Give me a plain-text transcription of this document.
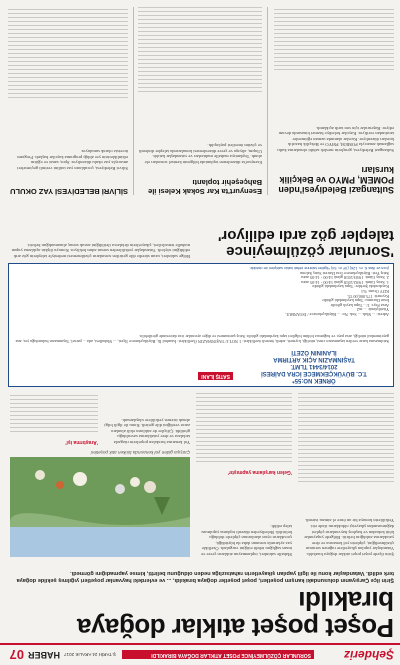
Şehderiz
SORUNLAR ÇÖZÜLMEYİNCE POSET ATIKLAR DOĞAYA BIRAKILDI
Ş.TARİH 24 ARALIK 2017
HABER
07
Poşet poşet atıklar doğaya bırakıldı
Şirin ilçe Çarşıyanın dolusundaki karışım poşetleri, poşet poşetler doğaya bırakıldı, ... ve evlerdeki hayvanlar poşetleri yığılmış şekilde doğaya terk edildi. Vatandaşlar konu ile ilgili yapılan şikayetlerin rahatsızlığa neden olduğunu belirtti, kimse yapmadığını görmedi.
Şirin ilçede poşet poşet atıklar doğaya bırakıldı. Vatandaşlar yapılan şikayetlere rağmen sorunun çözülmediğini, çöplerin yol kenarına ve dere yataklarına atıldığını belirtti. Bölgede yaşayanlar kötü kokudan ve başıboş hayvanların çöpleri dağıtmasından şikayetçi olduklarını ifade etti. Yetkililerin konuya bir an önce el atması istendi.
Mahalle sakinleri, toplanmayan atıkların çevre ve insan sağlığını tehdit ettiğini vurguladı. Özellikle yaz aylarında sorunun daha da büyüdüğü, çocukların oyun alanlarının çöplerle dolduğu belirtildi. Belediyeden düzenli toplama yapılması talep edildi.
'Gelen karşılama yapmıştır'
Çarşıya giden yol kenarında biriken atık poşetleri
Yol kenarına bırakılan poşetlerin rüzgarla tarlalara ve dere yataklarına savrulduğu görüldü. Çiftçiler de atıkların ekili alanlara zarar verdiğini dile getirdi. Konu ile ilgili bilgi almak istenen yetkililere ulaşılamadı.
'Araştırma işi'
ÖRNEK NO:55*
T.C. BÜYÜKÇEKMECE İCRA DAİRESİ
2014/3441 TLMT.
TAŞINMAZIN AÇIK ARTIRMA
İLANININ ÖZETİ
SATIŞ İLANI
Satılmasına karar verilen taşınmazın cinsi, niteliği, kıymeti, adedi, önemli özellikleri: 1 NO'LU TAŞINMAZIN Özellikleri: İstanbul İli, Büyükçekmece İlçesi, ... Mahallesi, ada ... parsel, Taşınmazın bulunduğu yer, ana gayrimenkul niteliği, arsa payı ve bağımsız bölüm bilgileri tapu kaydındaki gibidir. Satış şartnamesi ve diğer ayrıntılar icra dairesinde görülebilir.
Adresi: ... Mah. ... Sok. No: ... Büyükçekmece / İSTANBUL
Yüzölçümü: ... m2
Arsa Payı: 1/... Tapu kaydı gibidir
İmar Durumu: Tapu kaydındaki gibidir
Kıymeti: 175.000,00 TL
KDV Oranı: %1
Kaydındaki Şerhler: Tapu kaydındaki gibidir
1. Satış Günü: 19/02/2018 günü 14:00 - 14:05 arası
2. Satış Günü: 19/03/2018 günü 14:00 - 14:05 arası
Satış Yeri: Büyükçekmece İcra Dairesi Satış Salonu
(İcra ve İflas K. m. 126) (İİY m. 54) *İlgililer tabirine irtifak hakkı sahipleri de dahildir.
'Sorunlar çözülmeyince talepler göz ardı ediliyor'
Bölge sakinleri, uzun süredir dile getirilen sorunların çözülmemesi nedeniyle taleplerin göz ardı edildiğini söyledi. Vatandaşlar yetkililerden somut adım bekliyor. Konuya ilişkin açıklama yapan mahalle temsilcileri, şikayetlerin defalarca iletildiğini ancak sonuç alınamadığını belirtti.
Sultangazi Belediyesi'nden POMEM, PMYO ve Bekçilik kursları
Sultangazi Belediyesi, gençlerin meslek sahibi olmalarına katkı sağlamak amacıyla POMEM, PMYO ve Bekçilik hazırlık kursları düzenliyor. Kurslar alanında uzman eğitmenler tarafından veriliyor. Kayıtlar belediye hizmet binasında devam ediyor. Başvurular için son tarih açıklandı.
Esenyurt'ta Kar Sokak Kelesi ile Bahçeşehir toplantı
Esenyurt'ta düzenlenen toplantıda bölgenin kentsel sorunları ele alındı. Toplantıya mahalle muhtarları ve vatandaşlar katıldı. Ulaşım, altyapı ve çevre düzenlemesi konularında talepler dinlendi ve çözüm önerileri paylaşıldı.
SİLİVRİ BELEDİYESİ YAZ OKULU
Silivri Belediyesi, çocukların yaz tatilini verimli geçirmeleri amacıyla yaz okulu düzenliyor. Spor, sanat ve eğitim etkinliklerinin yer aldığı programa kayıtlar başladı. Program ücretsiz olarak sunuluyor.
